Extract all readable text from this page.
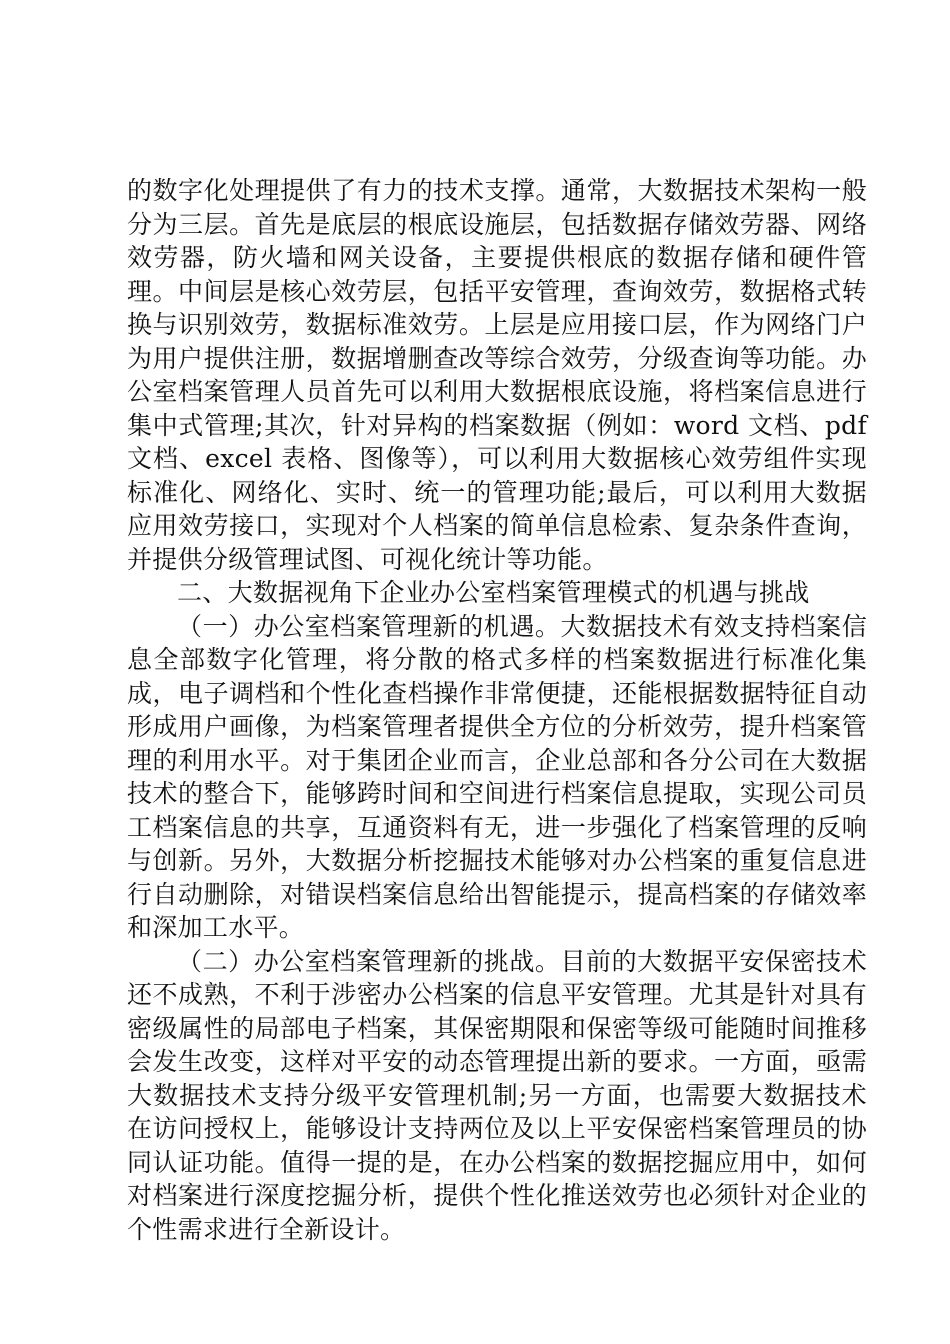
的数字化处理提供了有力的技术支撑。通常，大数据技术架构一般分为三层。首先是底层的根底设施层，包括数据存储效劳器、网络效劳器，防火墙和网关设备，主要提供根底的数据存储和硬件管理。中间层是核心效劳层，包括平安管理，查询效劳，数据格式转换与识别效劳，数据标准效劳。上层是应用接口层，作为网络门户为用户提供注册，数据增删查改等综合效劳，分级查询等功能。办公室档案管理人员首先可以利用大数据根底设施，将档案信息进行集中式管理;其次，针对异构的档案数据（例如：word 文档、pdf 文档、excel 表格、图像等），可以利用大数据核心效劳组件实现标准化、网络化、实时、统一的管理功能;最后，可以利用大数据应用效劳接口，实现对个人档案的简单信息检索、复杂条件查询，并提供分级管理试图、可视化统计等功能。

二、大数据视角下企业办公室档案管理模式的机遇与挑战

（一）办公室档案管理新的机遇。大数据技术有效支持档案信息全部数字化管理，将分散的格式多样的档案数据进行标准化集成，电子调档和个性化查档操作非常便捷，还能根据数据特征自动形成用户画像，为档案管理者提供全方位的分析效劳，提升档案管理的利用水平。对于集团企业而言，企业总部和各分公司在大数据技术的整合下，能够跨时间和空间进行档案信息提取，实现公司员工档案信息的共享，互通资料有无，进一步强化了档案管理的反响与创新。另外，大数据分析挖掘技术能够对办公档案的重复信息进行自动删除，对错误档案信息给出智能提示，提高档案的存储效率和深加工水平。

（二）办公室档案管理新的挑战。目前的大数据平安保密技术还不成熟，不利于涉密办公档案的信息平安管理。尤其是针对具有密级属性的局部电子档案，其保密期限和保密等级可能随时间推移会发生改变，这样对平安的动态管理提出新的要求。一方面，亟需大数据技术支持分级平安管理机制;另一方面，也需要大数据技术在访问授权上，能够设计支持两位及以上平安保密档案管理员的协同认证功能。值得一提的是，在办公档案的数据挖掘应用中，如何对档案进行深度挖掘分析，提供个性化推送效劳也必须针对企业的个性需求进行全新设计。
